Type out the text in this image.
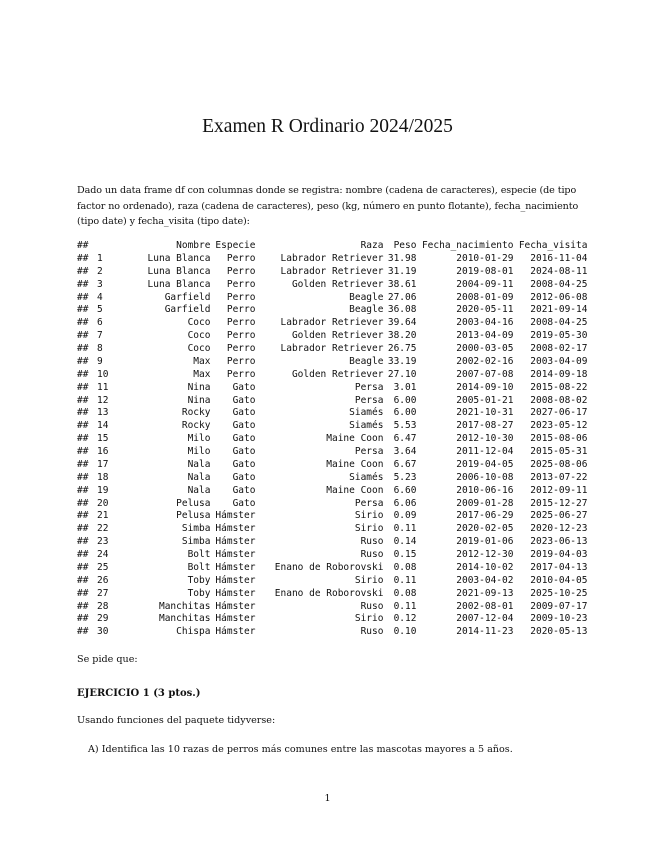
Examen R Ordinario 2024/2025

Dado un data frame df con columnas donde se registra: nombre (cadena de caracteres), especie (de tipo factor no ordenado), raza (cadena de caracteres), peso (kg, número en punto flotante), fecha_nacimiento (tipo date) y fecha_visita (tipo date):

##		Nombre	Especie	Raza	Peso	Fecha_nacimiento	Fecha_visita
##	1	Luna Blanca	Perro	Labrador Retriever	31.98	2010-01-29	2016-11-04
##	2	Luna Blanca	Perro	Labrador Retriever	31.19	2019-08-01	2024-08-11
##	3	Luna Blanca	Perro	Golden Retriever	38.61	2004-09-11	2008-04-25
##	4	Garfield	Perro	Beagle	27.06	2008-01-09	2012-06-08
##	5	Garfield	Perro	Beagle	36.08	2020-05-11	2021-09-14
##	6	Coco	Perro	Labrador Retriever	39.64	2003-04-16	2008-04-25
##	7	Coco	Perro	Golden Retriever	38.20	2013-04-09	2019-05-30
##	8	Coco	Perro	Labrador Retriever	26.75	2000-03-05	2008-02-17
##	9	Max	Perro	Beagle	33.19	2002-02-16	2003-04-09
##	10	Max	Perro	Golden Retriever	27.10	2007-07-08	2014-09-18
##	11	Nina	Gato	Persa	3.01	2014-09-10	2015-08-22
##	12	Nina	Gato	Persa	6.00	2005-01-21	2008-08-02
##	13	Rocky	Gato	Siamés	6.00	2021-10-31	2027-06-17
##	14	Rocky	Gato	Siamés	5.53	2017-08-27	2023-05-12
##	15	Milo	Gato	Maine Coon	6.47	2012-10-30	2015-08-06
##	16	Milo	Gato	Persa	3.64	2011-12-04	2015-05-31
##	17	Nala	Gato	Maine Coon	6.67	2019-04-05	2025-08-06
##	18	Nala	Gato	Siamés	5.23	2006-10-08	2013-07-22
##	19	Nala	Gato	Maine Coon	6.60	2010-06-16	2012-09-11
##	20	Pelusa	Gato	Persa	6.06	2009-01-28	2015-12-27
##	21	Pelusa	Hámster	Sirio	0.09	2017-06-29	2025-06-27
##	22	Simba	Hámster	Sirio	0.11	2020-02-05	2020-12-23
##	23	Simba	Hámster	Ruso	0.14	2019-01-06	2023-06-13
##	24	Bolt	Hámster	Ruso	0.15	2012-12-30	2019-04-03
##	25	Bolt	Hámster	Enano de Roborovski	0.08	2014-10-02	2017-04-13
##	26	Toby	Hámster	Sirio	0.11	2003-04-02	2010-04-05
##	27	Toby	Hámster	Enano de Roborovski	0.08	2021-09-13	2025-10-25
##	28	Manchitas	Hámster	Ruso	0.11	2002-08-01	2009-07-17
##	29	Manchitas	Hámster	Sirio	0.12	2007-12-04	2009-10-23
##	30	Chispa	Hámster	Ruso	0.10	2014-11-23	2020-05-13

Se pide que:

EJERCICIO 1 (3 ptos.)

Usando funciones del paquete tidyverse:

A) Identifica las 10 razas de perros más comunes entre las mascotas mayores a 5 años.

1
